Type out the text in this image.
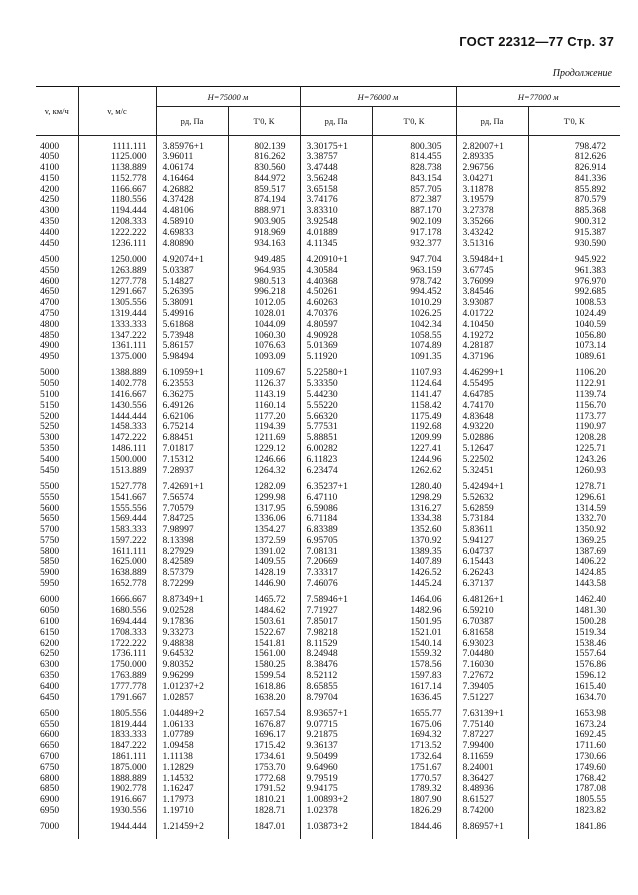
ГОСТ 22312—77 Стр. 37
Продолжение
v, км/ч	v, м/с	H=75000 м		H=76000 м		H=77000 м	
		pд, Па	T'0, К	pд, Па	T'0, К	pд, Па	T'0, К

4000	1111.111	3.85976+1	802.139	3.30175+1	800.305	2.82007+1	798.472
4050	1125.000	3.96011	816.262	3.38757	814.455	2.89335	812.626
4100	1138.889	4.06174	830.560	3.47448	828.738	2.96756	826.914
4150	1152.778	4.16464	844.972	3.56248	843.154	3.04271	841.336
4200	1166.667	4.26882	859.517	3.65158	857.705	3.11878	855.892
4250	1180.556	4.37428	874.194	3.74176	872.387	3.19579	870.579
4300	1194.444	4.48106	888.971	3.83310	887.170	3.27378	885.368
4350	1208.333	4.58910	903.905	3.92548	902.109	3.35266	900.312
4400	1222.222	4.69833	918.969	4.01889	917.178	3.43242	915.387
4450	1236.111	4.80890	934.163	4.11345	932.377	3.51316	930.590

4500	1250.000	4.92074+1	949.485	4.20910+1	947.704	3.59484+1	945.922
4550	1263.889	5.03387	964.935	4.30584	963.159	3.67745	961.383
4600	1277.778	5.14827	980.513	4.40368	978.742	3.76099	976.970
4650	1291.667	5.26395	996.218	4.50261	994.452	3.84546	992.685
4700	1305.556	5.38091	1012.05	4.60263	1010.29	3.93087	1008.53
4750	1319.444	5.49916	1028.01	4.70376	1026.25	4.01722	1024.49
4800	1333.333	5.61868	1044.09	4.80597	1042.34	4.10450	1040.59
4850	1347.222	5.73948	1060.30	4.90928	1058.55	4.19272	1056.80
4900	1361.111	5.86157	1076.63	5.01369	1074.89	4.28187	1073.14
4950	1375.000	5.98494	1093.09	5.11920	1091.35	4.37196	1089.61

5000	1388.889	6.10959+1	1109.67	5.22580+1	1107.93	4.46299+1	1106.20
5050	1402.778	6.23553	1126.37	5.33350	1124.64	4.55495	1122.91
5100	1416.667	6.36275	1143.19	5.44230	1141.47	4.64785	1139.74
5150	1430.556	6.49126	1160.14	5.55220	1158.42	4.74170	1156.70
5200	1444.444	6.62106	1177.20	5.66320	1175.49	4.83648	1173.77
5250	1458.333	6.75214	1194.39	5.77531	1192.68	4.93220	1190.97
5300	1472.222	6.88451	1211.69	5.88851	1209.99	5.02886	1208.28
5350	1486.111	7.01817	1229.12	6.00282	1227.41	5.12647	1225.71
5400	1500.000	7.15312	1246.66	6.11823	1244.96	5.22502	1243.26
5450	1513.889	7.28937	1264.32	6.23474	1262.62	5.32451	1260.93

5500	1527.778	7.42691+1	1282.09	6.35237+1	1280.40	5.42494+1	1278.71
5550	1541.667	7.56574	1299.98	6.47110	1298.29	5.52632	1296.61
5600	1555.556	7.70579	1317.95	6.59086	1316.27	5.62859	1314.59
5650	1569.444	7.84725	1336.06	6.71184	1334.38	5.73184	1332.70
5700	1583.333	7.98997	1354.27	6.83389	1352.60	5.83611	1350.92
5750	1597.222	8.13398	1372.59	6.95705	1370.92	5.94127	1369.25
5800	1611.111	8.27929	1391.02	7.08131	1389.35	6.04737	1387.69
5850	1625.000	8.42589	1409.55	7.20669	1407.89	6.15443	1406.22
5900	1638.889	8.57379	1428.19	7.33317	1426.52	6.26243	1424.85
5950	1652.778	8.72299	1446.90	7.46076	1445.24	6.37137	1443.58

6000	1666.667	8.87349+1	1465.72	7.58946+1	1464.06	6.48126+1	1462.40
6050	1680.556	9.02528	1484.62	7.71927	1482.96	6.59210	1481.30
6100	1694.444	9.17836	1503.61	7.85017	1501.95	6.70387	1500.28
6150	1708.333	9.33273	1522.67	7.98218	1521.01	6.81658	1519.34
6200	1722.222	9.48838	1541.81	8.11529	1540.14	6.93023	1538.46
6250	1736.111	9.64532	1561.00	8.24948	1559.32	7.04480	1557.64
6300	1750.000	9.80352	1580.25	8.38476	1578.56	7.16030	1576.86
6350	1763.889	9.96299	1599.54	8.52112	1597.83	7.27672	1596.12
6400	1777.778	1.01237+2	1618.86	8.65855	1617.14	7.39405	1615.40
6450	1791.667	1.02857	1638.20	8.79704	1636.45	7.51227	1634.70

6500	1805.556	1.04489+2	1657.54	8.93657+1	1655.77	7.63139+1	1653.98
6550	1819.444	1.06133	1676.87	9.07715	1675.06	7.75140	1673.24
6600	1833.333	1.07789	1696.17	9.21875	1694.32	7.87227	1692.45
6650	1847.222	1.09458	1715.42	9.36137	1713.52	7.99400	1711.60
6700	1861.111	1.11138	1734.61	9.50499	1732.64	8.11659	1730.66
6750	1875.000	1.12829	1753.70	9.64960	1751.67	8.24001	1749.60
6800	1888.889	1.14532	1772.68	9.79519	1770.57	8.36427	1768.42
6850	1902.778	1.16247	1791.52	9.94175	1789.32	8.48936	1787.08
6900	1916.667	1.17973	1810.21	1.00893+2	1807.90	8.61527	1805.55
6950	1930.556	1.19710	1828.71	1.02378	1826.29	8.74200	1823.82

7000	1944.444	1.21459+2	1847.01	1.03873+2	1844.46	8.86957+1	1841.86
